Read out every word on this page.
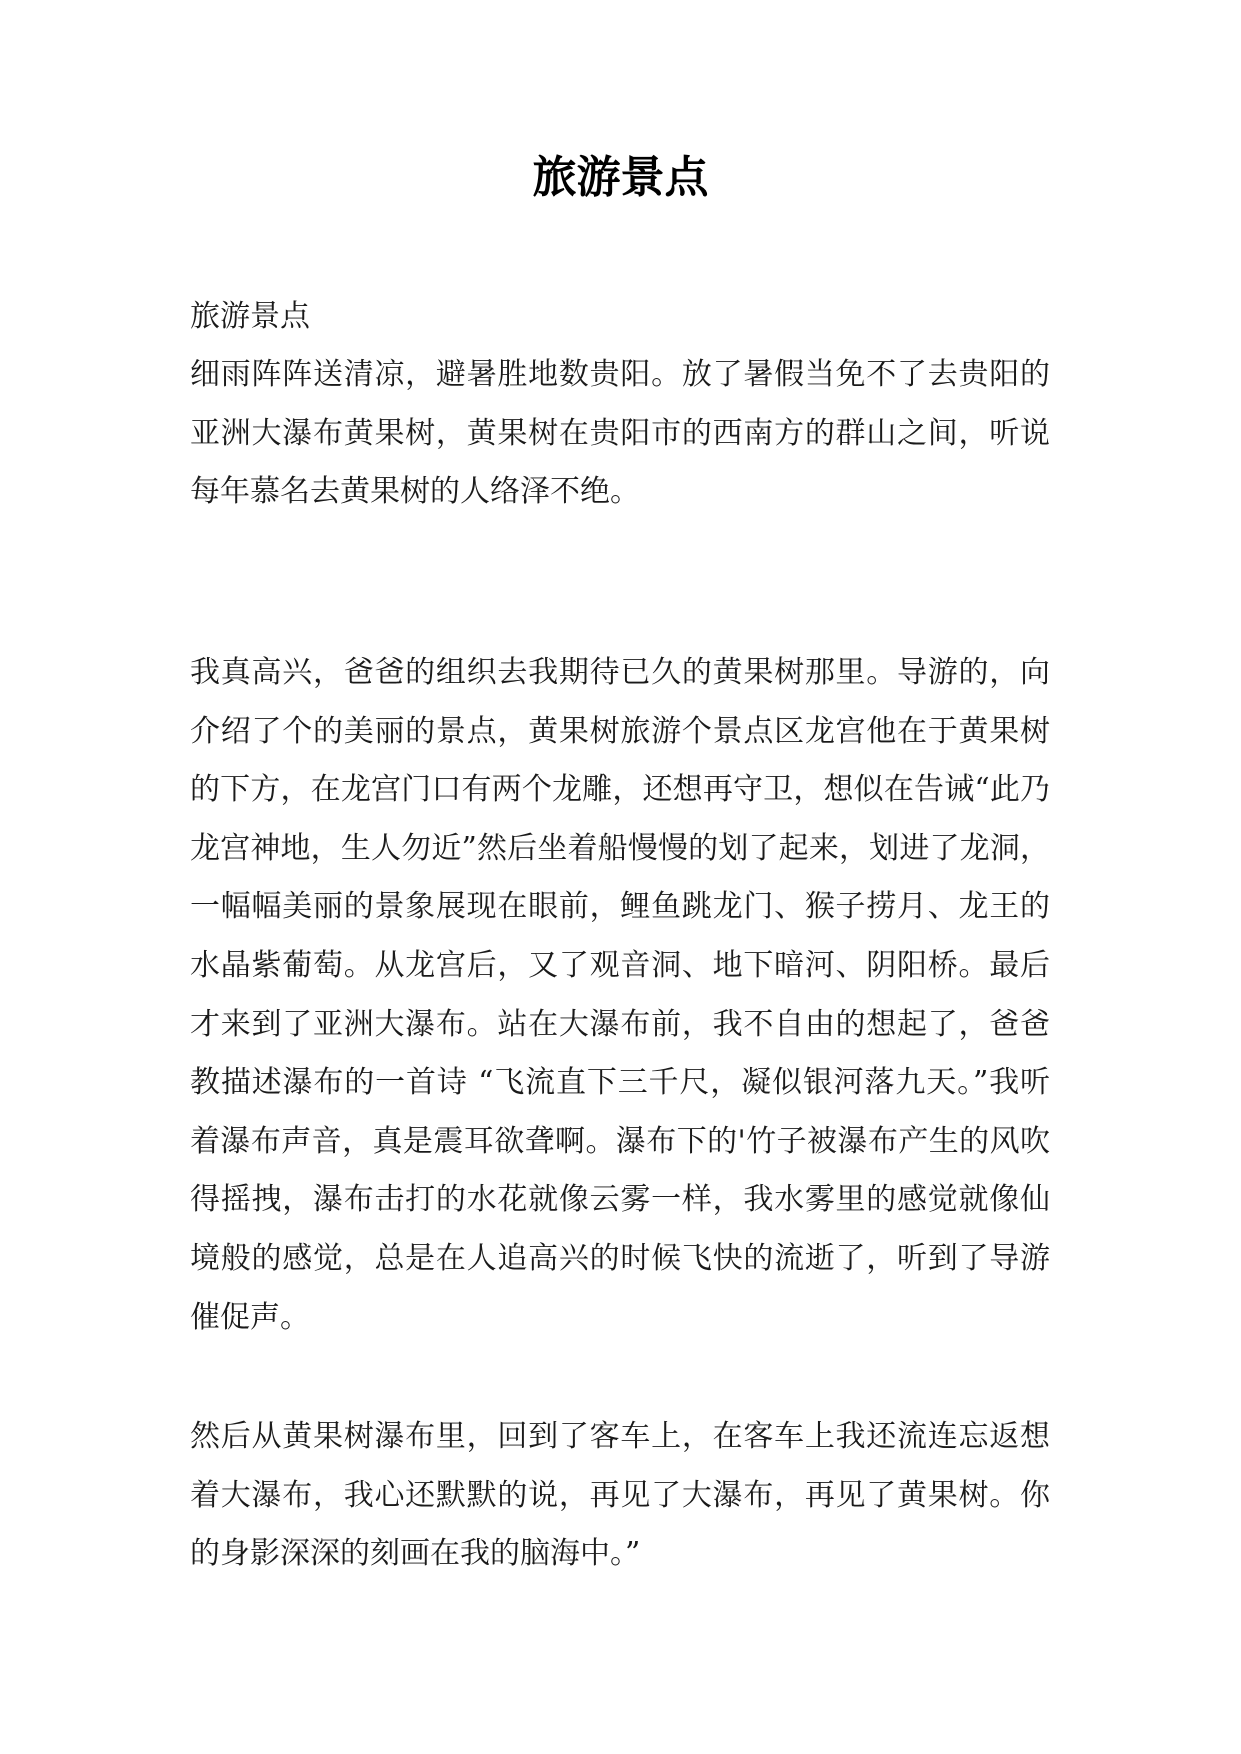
旅游景点

旅游景点

细雨阵阵送清凉，避暑胜地数贵阳。放了暑假当免不了去贵阳的亚洲大瀑布黄果树，黄果树在贵阳市的西南方的群山之间，听说每年慕名去黄果树的人络泽不绝。

我真高兴，爸爸的组织去我期待已久的黄果树那里。导游的，向介绍了个的美丽的景点，黄果树旅游个景点区龙宫他在于黄果树的下方，在龙宫门口有两个龙雕，还想再守卫，想似在告诫“此乃龙宫神地，生人勿近”然后坐着船慢慢的划了起来，划进了龙洞，一幅幅美丽的景象展现在眼前，鲤鱼跳龙门、猴子捞月、龙王的水晶紫葡萄。从龙宫后，又了观音洞、地下暗河、阴阳桥。最后才来到了亚洲大瀑布。站在大瀑布前，我不自由的想起了，爸爸教描述瀑布的一首诗 “飞流直下三千尺，凝似银河落九天。”我听着瀑布声音，真是震耳欲聋啊。瀑布下的'竹子被瀑布产生的风吹得摇拽，瀑布击打的水花就像云雾一样，我水雾里的感觉就像仙境般的感觉，总是在人追高兴的时候飞快的流逝了，听到了导游催促声。

然后从黄果树瀑布里，回到了客车上，在客车上我还流连忘返想着大瀑布，我心还默默的说，再见了大瀑布，再见了黄果树。你的身影深深的刻画在我的脑海中。”
